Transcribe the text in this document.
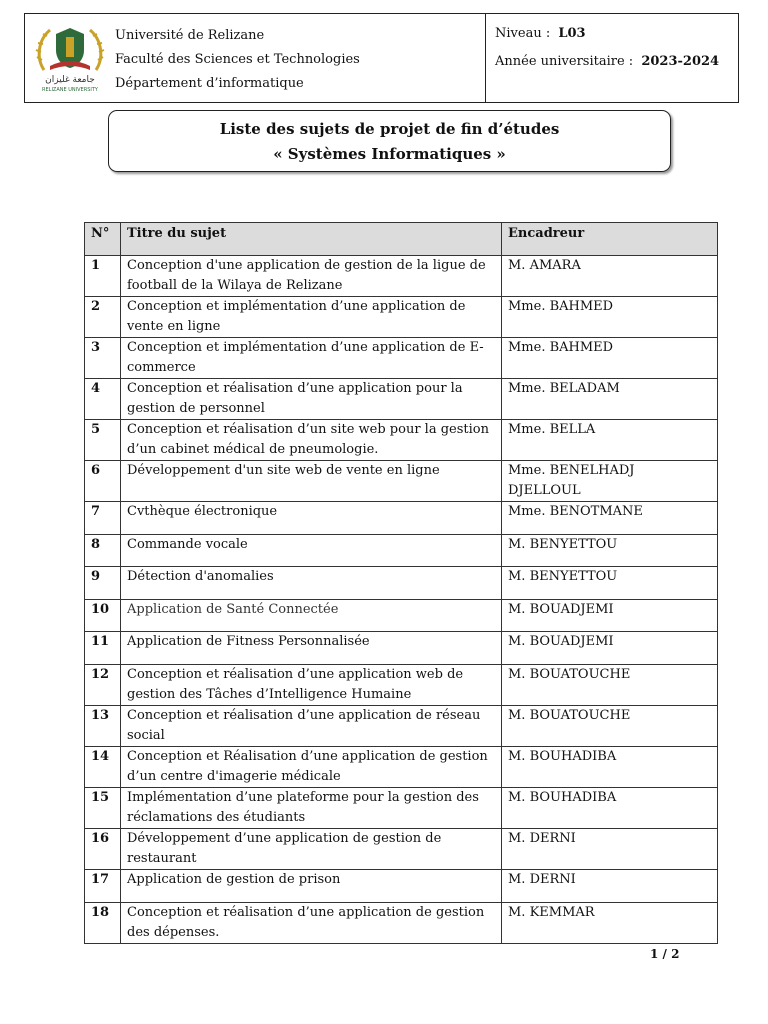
جامعة غليزان
RELIZANE UNIVERSITY
Université de Relizane
Faculté des Sciences et Technologies
Département d’informatique
Niveau : L03
Année universitaire : 2023-2024
Liste des sujets de projet de fin d’études
« Systèmes Informatiques »
N°	Titre du sujet	Encadreur
1	Conception d'une application de gestion de la ligue de football de la Wilaya de Relizane	M. AMARA
2	Conception et implémentation d’une application de vente en ligne	Mme. BAHMED
3	Conception et implémentation d’une application de E-commerce	Mme. BAHMED
4	Conception et réalisation d’une application pour la gestion de personnel	Mme. BELADAM
5	Conception et réalisation d’un site web pour la gestion d’un cabinet médical de pneumologie.	Mme. BELLA
6	Développement d'un site web de vente en ligne	Mme. BENELHADJ DJELLOUL
7	Cvthèque électronique	Mme. BENOTMANE
8	Commande vocale	M. BENYETTOU
9	Détection d'anomalies	M. BENYETTOU
10	Application de Santé Connectée	M. BOUADJEMI
11	Application de Fitness Personnalisée	M. BOUADJEMI
12	Conception et réalisation d’une application web de gestion des Tâches d’Intelligence Humaine	M. BOUATOUCHE
13	Conception et réalisation d’une application de réseau social	M. BOUATOUCHE
14	Conception et Réalisation d’une application de gestion d’un centre d'imagerie médicale	M. BOUHADIBA
15	Implémentation d’une plateforme pour la gestion des réclamations des étudiants	M. BOUHADIBA
16	Développement d’une application de gestion de restaurant	M. DERNI
17	Application de gestion de prison	M. DERNI
18	Conception et réalisation d’une application de gestion des dépenses.	M. KEMMAR
1 / 2
